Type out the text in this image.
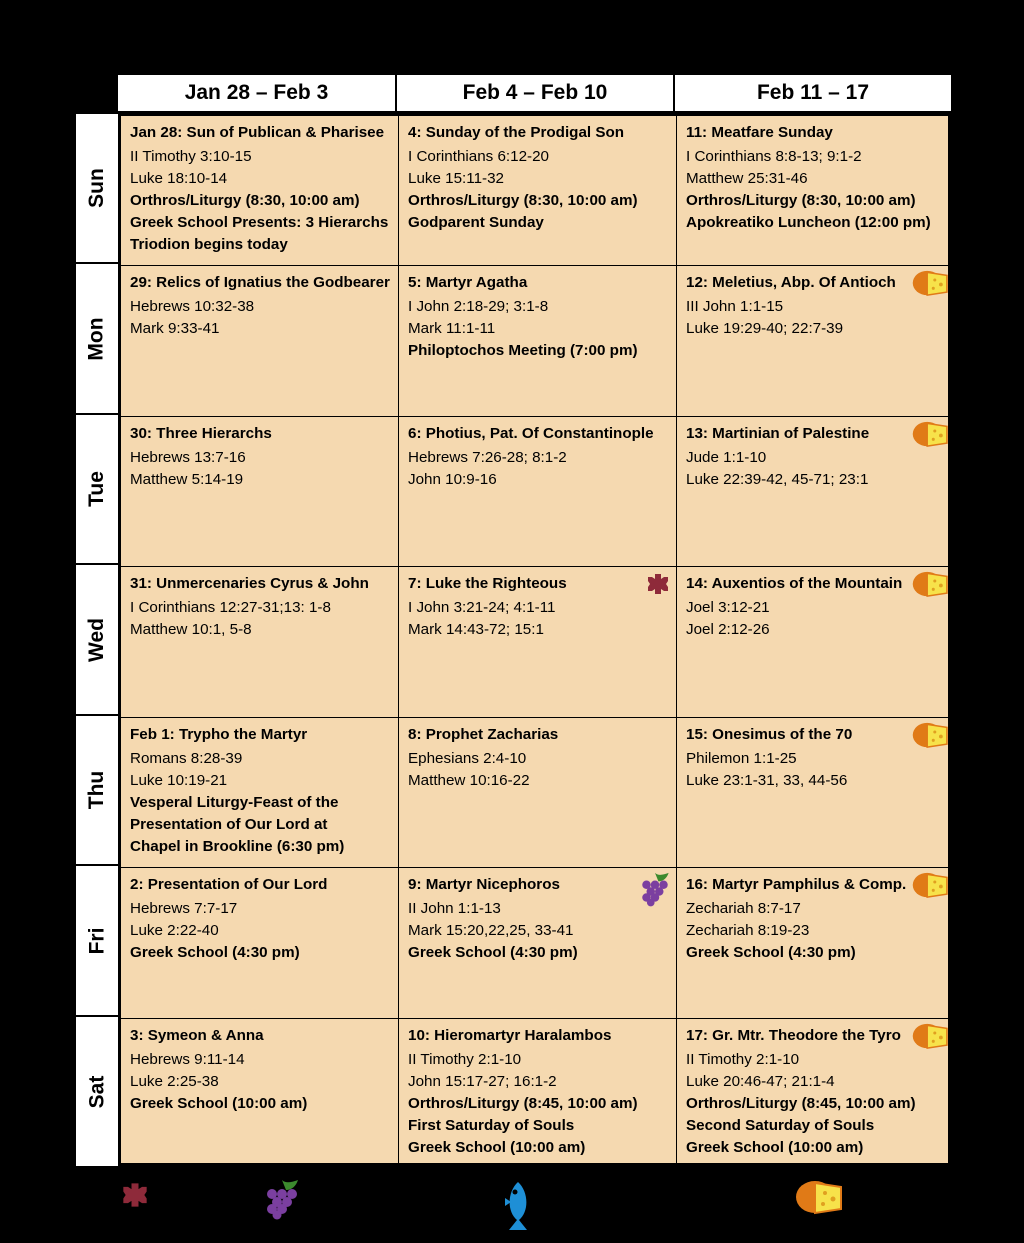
Jan 28 – Feb 3	Feb 4 – Feb 10	Feb 11 – 17
Sun
Mon
Tue
Wed
Thu
Fri
Sat
Jan 28: Sun of Publican & Pharisee
II Timothy 3:10-15
Luke 18:10-14
Orthros/Liturgy (8:30, 10:00 am)
Greek School Presents: 3 Hierarchs
Triodion begins today
4: Sunday of the Prodigal Son
I Corinthians 6:12-20
Luke 15:11-32
Orthros/Liturgy (8:30, 10:00 am)
Godparent Sunday
11: Meatfare Sunday
I Corinthians 8:8-13; 9:1-2
Matthew 25:31-46
Orthros/Liturgy (8:30, 10:00 am)
Apokreatiko Luncheon (12:00 pm)
29: Relics of Ignatius the Godbearer
Hebrews 10:32-38
Mark 9:33-41
5: Martyr Agatha
I John 2:18-29; 3:1-8
Mark 11:1-11
Philoptochos Meeting (7:00 pm)
12: Meletius, Abp. Of Antioch
III John 1:1-15
Luke 19:29-40; 22:7-39
30: Three Hierarchs
Hebrews 13:7-16
Matthew 5:14-19
6: Photius, Pat. Of Constantinople
Hebrews 7:26-28; 8:1-2
John 10:9-16
13: Martinian of Palestine
Jude 1:1-10
Luke 22:39-42, 45-71; 23:1
31: Unmercenaries Cyrus & John
I Corinthians 12:27-31;13: 1-8
Matthew 10:1, 5-8
7: Luke the Righteous
I John 3:21-24; 4:1-11
Mark 14:43-72; 15:1
14: Auxentios of the Mountain
Joel 3:12-21
Joel 2:12-26
Feb 1: Trypho the Martyr
Romans 8:28-39
Luke 10:19-21
Vesperal Liturgy-Feast of the
Presentation of Our Lord at
Chapel in Brookline (6:30 pm)
8: Prophet Zacharias
Ephesians 2:4-10
Matthew 10:16-22
15: Onesimus of the 70
Philemon 1:1-25
Luke 23:1-31, 33, 44-56
2: Presentation of Our Lord
Hebrews 7:7-17
Luke 2:22-40
Greek School (4:30 pm)
9: Martyr Nicephoros
II John 1:1-13
Mark 15:20,22,25, 33-41
Greek School (4:30 pm)
16: Martyr Pamphilus & Comp.
Zechariah 8:7-17
Zechariah 8:19-23
Greek School (4:30 pm)
3: Symeon & Anna
Hebrews 9:11-14
Luke 2:25-38
Greek School (10:00 am)
10: Hieromartyr Haralambos
II Timothy 2:1-10
John 15:17-27; 16:1-2
Orthros/Liturgy (8:45, 10:00 am)
First Saturday of Souls
Greek School (10:00 am)
17: Gr. Mtr. Theodore the Tyro
II Timothy 2:1-10
Luke 20:46-47; 21:1-4
Orthros/Liturgy (8:45, 10:00 am)
Second Saturday of Souls
Greek School (10:00 am)
